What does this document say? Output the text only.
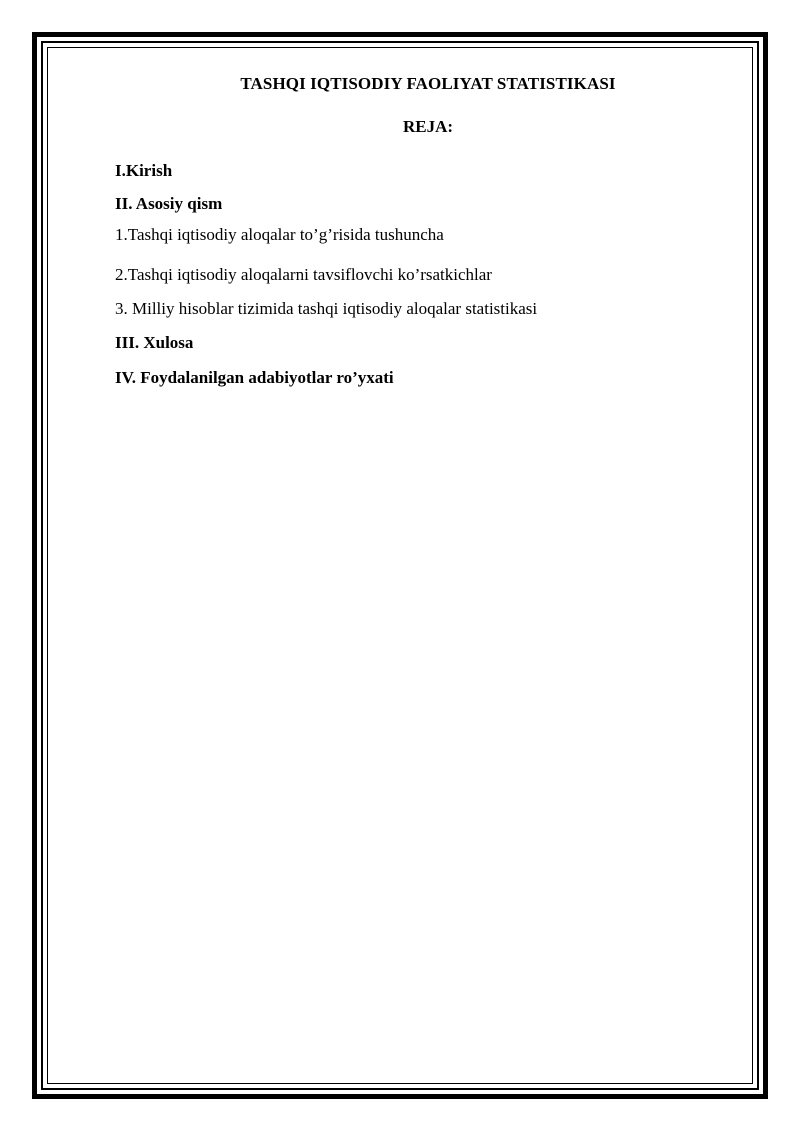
TASHQI IQTISODIY FAOLIYAT STATISTIKASI
REJA:
I.Kirish
II. Asosiy qism
1.Tashqi iqtisodiy aloqalar to’g’risida tushuncha
2.Tashqi iqtisodiy aloqalarni tavsiflovchi ko’rsatkichlar
3. Milliy hisoblar tizimida tashqi iqtisodiy aloqalar statistikasi
III. Xulosa
IV. Foydalanilgan adabiyotlar ro’yxati
